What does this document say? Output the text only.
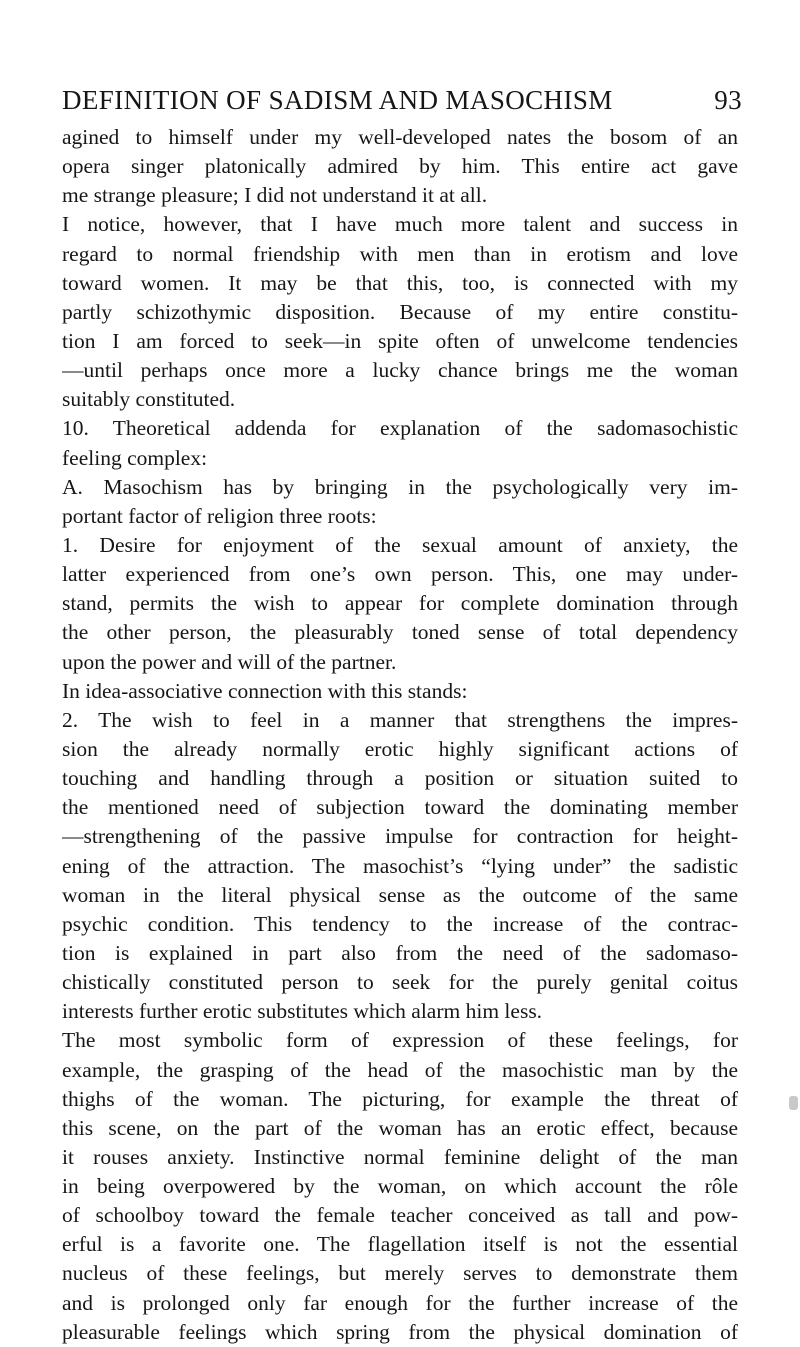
DEFINITION OF SADISM AND MASOCHISM	93
agined to himself under my well-developed nates the bosom of an
opera singer platonically admired by him. This entire act gave
me strange pleasure; I did not understand it at all.
I notice, however, that I have much more talent and success in
regard to normal friendship with men than in erotism and love
toward women. It may be that this, too, is connected with my
partly schizothymic disposition. Because of my entire constitu-
tion I am forced to seek—in spite often of unwelcome tendencies
—until perhaps once more a lucky chance brings me the woman
suitably constituted.
10. Theoretical addenda for explanation of the sadomasochistic
feeling complex:
A. Masochism has by bringing in the psychologically very im-
portant factor of religion three roots:
1. Desire for enjoyment of the sexual amount of anxiety, the
latter experienced from one’s own person. This, one may under-
stand, permits the wish to appear for complete domination through
the other person, the pleasurably toned sense of total dependency
upon the power and will of the partner.
In idea-associative connection with this stands:
2. The wish to feel in a manner that strengthens the impres-
sion the already normally erotic highly significant actions of
touching and handling through a position or situation suited to
the mentioned need of subjection toward the dominating member
—strengthening of the passive impulse for contraction for height-
ening of the attraction. The masochist’s “lying under” the sadistic
woman in the literal physical sense as the outcome of the same
psychic condition. This tendency to the increase of the contrac-
tion is explained in part also from the need of the sadomaso-
chistically constituted person to seek for the purely genital coitus
interests further erotic substitutes which alarm him less.
The most symbolic form of expression of these feelings, for
example, the grasping of the head of the masochistic man by the
thighs of the woman. The picturing, for example the threat of
this scene, on the part of the woman has an erotic effect, because
it rouses anxiety. Instinctive normal feminine delight of the man
in being overpowered by the woman, on which account the rôle
of schoolboy toward the female teacher conceived as tall and pow-
erful is a favorite one. The flagellation itself is not the essential
nucleus of these feelings, but merely serves to demonstrate them
and is prolonged only far enough for the further increase of the
pleasurable feelings which spring from the physical domination of
